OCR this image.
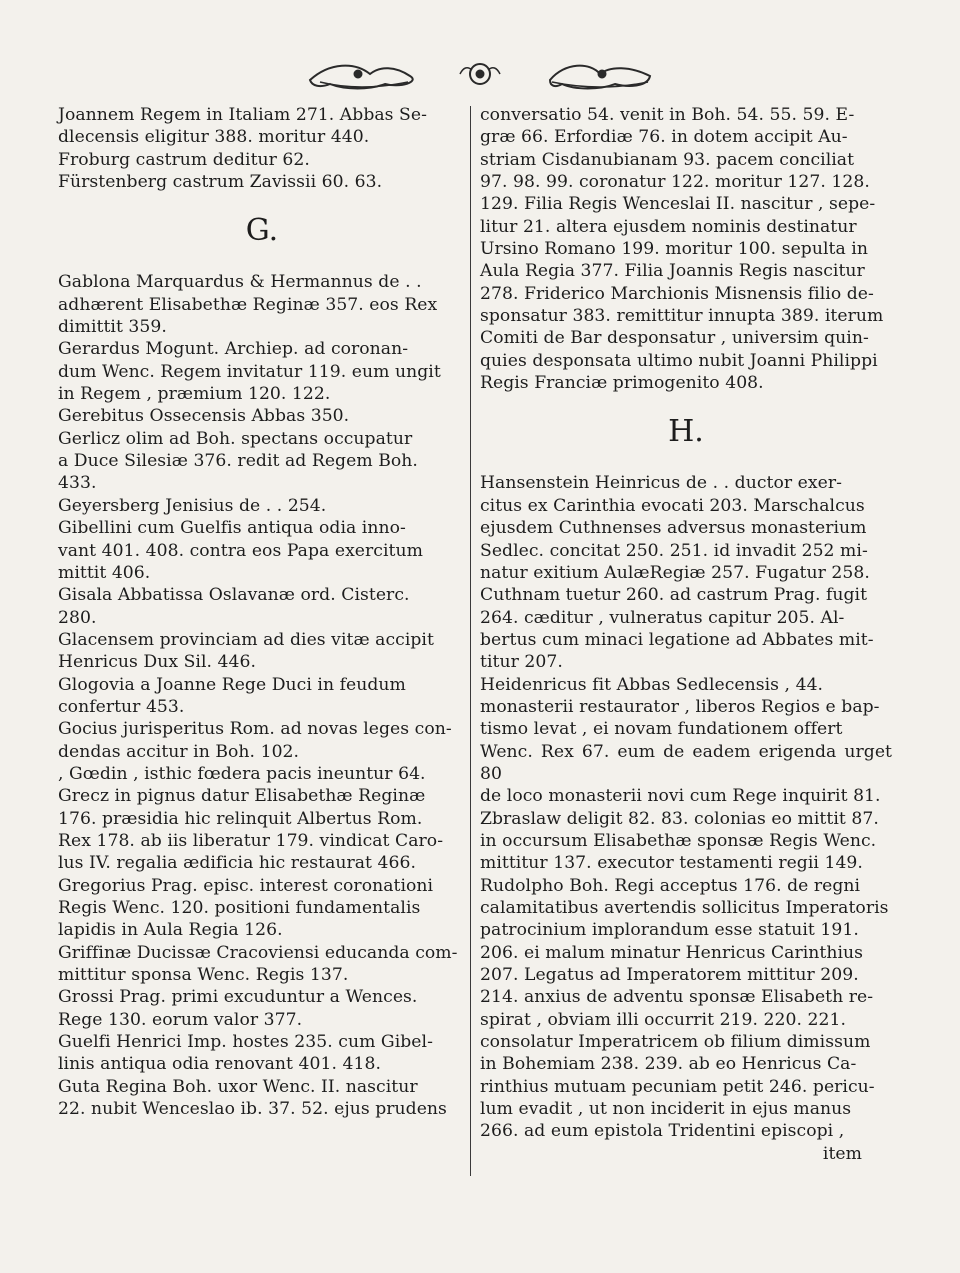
Joannem Regem in Italiam 271. Abbas Se-
dlecensis eligitur 388. moritur 440.

Froburg castrum deditur 62.

Fürstenberg castrum Zavissii 60. 63.

G.

Gablona Marquardus & Hermannus de . .
adhærent Elisabethæ Reginæ 357. eos Rex
dimittit 359.

Gerardus Mogunt. Archiep. ad coronan-
dum Wenc. Regem invitatur 119. eum ungit
in Regem , præmium 120. 122.

Gerebitus Ossecensis Abbas 350.

Gerlicz olim ad Boh. spectans occupatur
a Duce Silesiæ 376. redit ad Regem Boh.
433.

Geyersberg Jenisius de . . 254.

Gibellini cum Guelfis antiqua odia inno-
vant 401. 408. contra eos Papa exercitum
mittit 406.

Gisala Abbatissa Oslavanæ ord. Cisterc.
280.

Glacensem provinciam ad dies vitæ accipit
Henricus Dux Sil. 446.

Glogovia a Joanne Rege Duci in feudum
confertur 453.

Gocius jurisperitus Rom. ad novas leges con-
dendas accitur in Boh. 102.

, Gœdin , isthic fœdera pacis ineuntur 64.

Grecz in pignus datur Elisabethæ Reginæ
176. præsidia hic relinquit Albertus Rom.
Rex 178. ab iis liberatur 179. vindicat Caro-
lus IV. regalia ædificia hic restaurat 466.

Gregorius Prag. episc. interest coronationi
Regis Wenc. 120. positioni fundamentalis
lapidis in Aula Regia 126.

Griffinæ Ducissæ Cracoviensi educanda com-
mittitur sponsa Wenc. Regis 137.

Grossi Prag. primi excuduntur a Wences.
Rege 130. eorum valor 377.

Guelfi Henrici Imp. hostes 235. cum Gibel-
linis antiqua odia renovant 401. 418.

Guta Regina Boh. uxor Wenc. II. nascitur
22. nubit Wenceslao ib. 37. 52. ejus prudens

conversatio 54. venit in Boh. 54. 55. 59. E-
græ 66. Erfordiæ 76. in dotem accipit Au-
striam Cisdanubianam 93. pacem conciliat
97. 98. 99. coronatur 122. moritur 127. 128.
129. Filia Regis Wenceslai II. nascitur , sepe-
litur 21. altera ejusdem nominis destinatur
Ursino Romano 199. moritur 100. sepulta in
Aula Regia 377. Filia Joannis Regis nascitur
278. Friderico Marchionis Misnensis filio de-
sponsatur 383. remittitur innupta 389. iterum
Comiti de Bar desponsatur , universim quin-
quies desponsata ultimo nubit Joanni Philippi
Regis Franciæ primogenito 408.

H.

Hansenstein Heinricus de . . ductor exer-
citus ex Carinthia evocati 203. Marschalcus
ejusdem Cuthnenses adversus monasterium
Sedlec. concitat 250. 251. id invadit 252 mi-
natur exitium AulæRegiæ 257. Fugatur 258.
Cuthnam tuetur 260. ad castrum Prag. fugit
264. cæditur , vulneratus capitur 205. Al-
bertus cum minaci legatione ad Abbates mit-
titur 207.

Heidenricus fit Abbas Sedlecensis , 44.
monasterii restaurator , liberos Regios e bap-
tismo levat , ei novam fundationem offert
Wenc. Rex 67. eum de eadem erigenda urget 80
de loco monasterii novi cum Rege inquirit 81.
Zbraslaw deligit 82. 83. colonias eo mittit 87.
in occursum Elisabethæ sponsæ Regis Wenc.
mittitur 137. executor testamenti regii 149.
Rudolpho Boh. Regi acceptus 176. de regni
calamitatibus avertendis sollicitus Imperatoris
patrocinium implorandum esse statuit 191.
206. ei malum minatur Henricus Carinthius
207. Legatus ad Imperatorem mittitur 209.
214. anxius de adventu sponsæ Elisabeth re-
spirat , obviam illi occurrit 219. 220. 221.
consolatur Imperatricem ob filium dimissum
in Bohemiam 238. 239. ab eo Henricus Ca-
rinthius mutuam pecuniam petit 246. pericu-
lum evadit , ut non inciderit in ejus manus
266. ad eum epistola Tridentini episcopi ,

item
